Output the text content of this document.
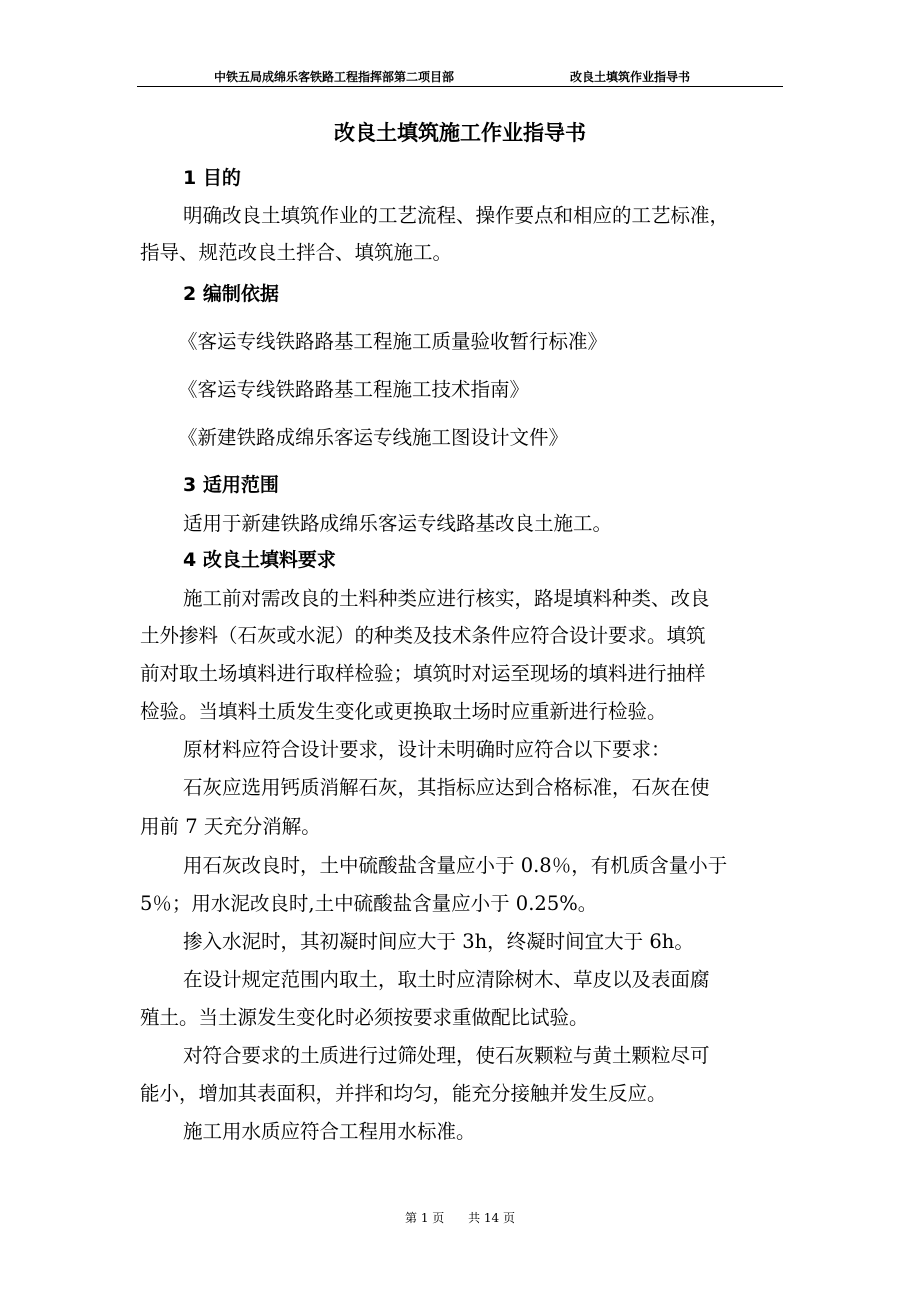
中铁五局成绵乐客铁路工程指挥部第二项目部	改良土填筑作业指导书
改良土填筑施工作业指导书
1 目的
明确改良土填筑作业的工艺流程、操作要点和相应的工艺标准，
指导、规范改良土拌合、填筑施工。
2 编制依据
《客运专线铁路路基工程施工质量验收暂行标准》
《客运专线铁路路基工程施工技术指南》
《新建铁路成绵乐客运专线施工图设计文件》
3 适用范围
适用于新建铁路成绵乐客运专线路基改良土施工。
4 改良土填料要求
施工前对需改良的土料种类应进行核实，路堤填料种类、改良
土外掺料（石灰或水泥）的种类及技术条件应符合设计要求。填筑
前对取土场填料进行取样检验；填筑时对运至现场的填料进行抽样
检验。当填料土质发生变化或更换取土场时应重新进行检验。
原材料应符合设计要求，设计未明确时应符合以下要求：
石灰应选用钙质消解石灰，其指标应达到合格标准，石灰在使
用前 7 天充分消解。
用石灰改良时，土中硫酸盐含量应小于 0.8％，有机质含量小于
5％；用水泥改良时,土中硫酸盐含量应小于 0.25%。
掺入水泥时，其初凝时间应大于 3h，终凝时间宜大于 6h。
在设计规定范围内取土，取土时应清除树木、草皮以及表面腐
殖土。当土源发生变化时必须按要求重做配比试验。
对符合要求的土质进行过筛处理，使石灰颗粒与黄土颗粒尽可
能小，增加其表面积，并拌和均匀，能充分接触并发生反应。
施工用水质应符合工程用水标准。
第 1 页 共 14 页
